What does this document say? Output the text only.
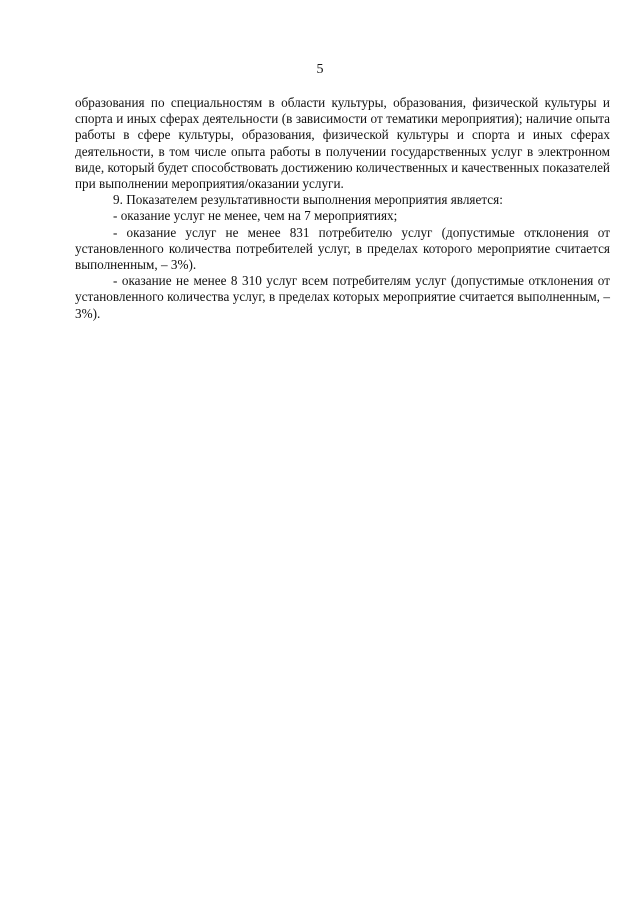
5

образования по специальностям в области культуры, образования, физической культуры и спорта и иных сферах деятельности (в зависимости от тематики мероприятия); наличие опыта работы в сфере культуры, образования, физической культуры и спорта и иных сферах деятельности, в том числе опыта работы в получении государственных услуг в электронном виде, который будет способствовать достижению количественных и качественных показателей при выполнении мероприятия/оказании услуги.

9. Показателем результативности выполнения мероприятия является:

- оказание услуг не менее, чем на 7 мероприятиях;

- оказание услуг не менее 831 потребителю услуг (допустимые отклонения от установленного количества потребителей услуг, в пределах которого мероприятие считается выполненным, – 3%).

- оказание не менее 8 310 услуг всем потребителям услуг (допустимые отклонения от установленного количества услуг, в пределах которых мероприятие считается выполненным, – 3%).
